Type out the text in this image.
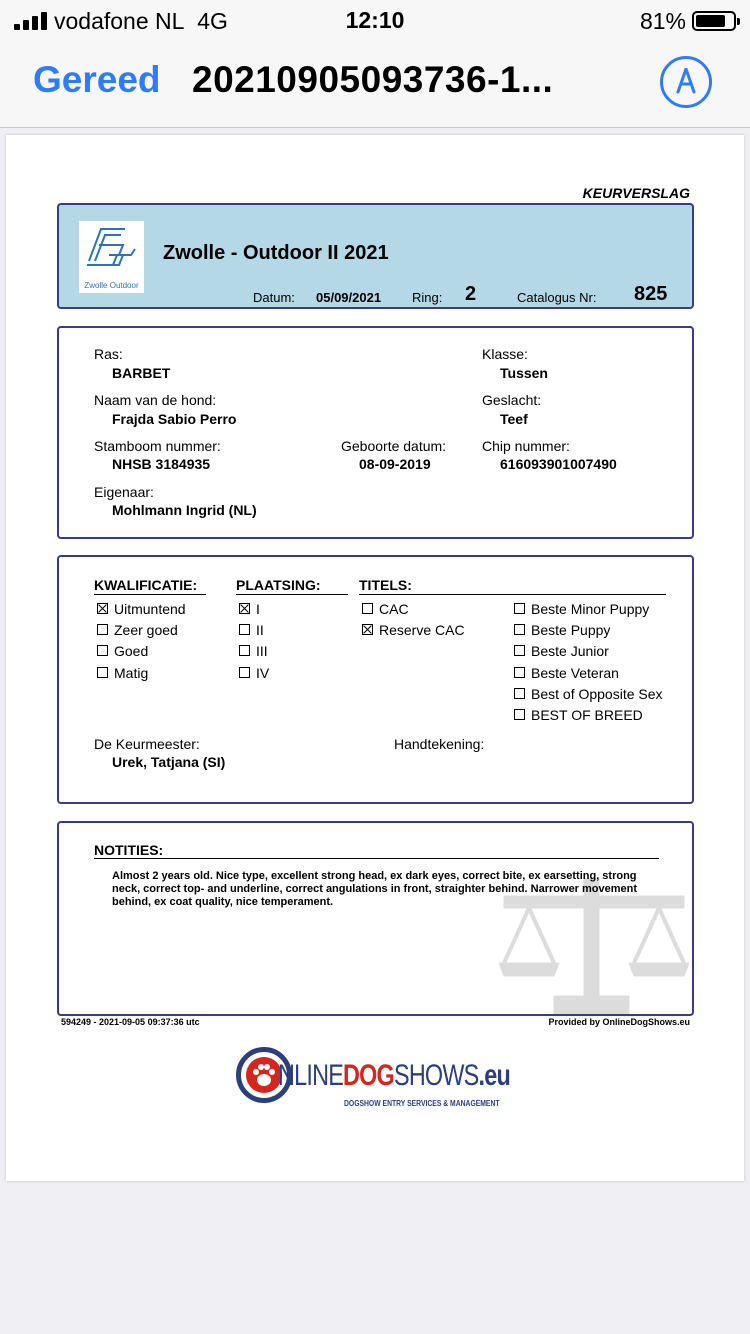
vodafone NL 4G	12:10	81%
Gereed 20210905093736-1...
KEURVERSLAG
Zwolle Outdoor
Zwolle - Outdoor II 2021
Datum: 05/09/2021 Ring: 2	Catalogus Nr: 825
Ras:
BARBET
Klasse:
Tussen
Naam van de hond:
Frajda Sabio Perro
Geslacht:
Teef
Stamboom nummer:
NHSB 3184935
Geboorte datum:
08-09-2019
Chip nummer:
616093901007490
Eigenaar:
Mohlmann Ingrid (NL)
KWALIFICATIE:	PLAATSING:	TITELS:
Uitmuntend
Zeer goed
Goed
Matig
I
II
III
IV
CAC
Reserve CAC
Beste Minor Puppy
Beste Puppy
Beste Junior
Beste Veteran
Best of Opposite Sex
BEST OF BREED
De Keurmeester:
Urek, Tatjana (SI)
Handtekening:
NOTITIES:
Almost 2 years old. Nice type, excellent strong head, ex dark eyes, correct bite, ex earsetting, strong neck, correct top- and underline, correct angulations in front, straighter behind. Narrower movement behind, ex coat quality, nice temperament.
594249 - 2021-09-05 09:37:36 utc	Provided by OnlineDogShows.eu
NLINEDOGSHOWS.eu
DOGSHOW ENTRY SERVICES & MANAGEMENT
